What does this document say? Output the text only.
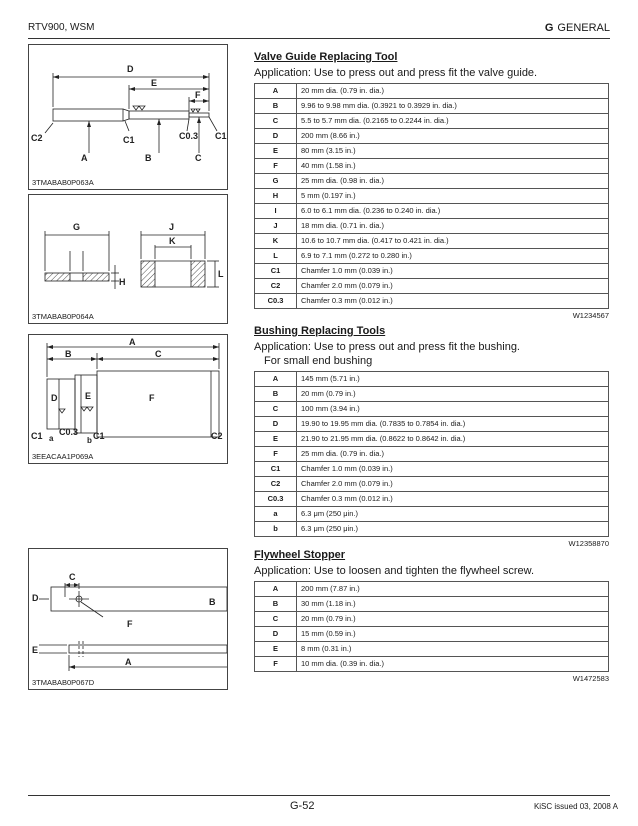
RTV900, WSM	G GENERAL
D
E
F
C2	C1	C0.3 C1
A	B	C
3TMABAB0P063A
G	J
K
H
L
3TMABAB0P064A
A
B	C
D	E	F
C1 C0.3
a	b C1	C2
3EEACAA1P069A
C
D	B
F
E
A
3TMABAB0P067D
Valve Guide Replacing Tool
Application: Use to press out and press fit the valve guide.
A	20 mm dia. (0.79 in. dia.)
B	9.96 to 9.98 mm dia. (0.3921 to 0.3929 in. dia.)
C	5.5 to 5.7 mm dia. (0.2165 to 0.2244 in. dia.)
D	200 mm (8.66 in.)
E	80 mm (3.15 in.)
F	40 mm (1.58 in.)
G	25 mm dia. (0.98 in. dia.)
H	5 mm (0.197 in.)
I	6.0 to 6.1 mm dia. (0.236 to 0.240 in. dia.)
J	18 mm dia. (0.71 in. dia.)
K	10.6 to 10.7 mm dia. (0.417 to 0.421 in. dia.)
L	6.9 to 7.1 mm (0.272 to 0.280 in.)
C1	Chamfer 1.0 mm (0.039 in.)
C2	Chamfer 2.0 mm (0.079 in.)
C0.3	Chamfer 0.3 mm (0.012 in.)
W1234567
Bushing Replacing Tools
Application: Use to press out and press fit the bushing.
For small end bushing
A	145 mm (5.71 in.)
B	20 mm (0.79 in.)
C	100 mm (3.94 in.)
D	19.90 to 19.95 mm dia. (0.7835 to 0.7854 in. dia.)
E	21.90 to 21.95 mm dia. (0.8622 to 0.8642 in. dia.)
F	25 mm dia. (0.79 in. dia.)
C1	Chamfer 1.0 mm (0.039 in.)
C2	Chamfer 2.0 mm (0.079 in.)
C0.3	Chamfer 0.3 mm (0.012 in.)
a	6.3 μm (250 μin.)
b	6.3 μm (250 μin.)
W12358870
Flywheel Stopper
Application: Use to loosen and tighten the flywheel screw.
A	200 mm (7.87 in.)
B	30 mm (1.18 in.)
C	20 mm (0.79 in.)
D	15 mm (0.59 in.)
E	8 mm (0.31 in.)
F	10 mm dia. (0.39 in. dia.)
W1472583
G-52	KiSC issued 03, 2008 A
